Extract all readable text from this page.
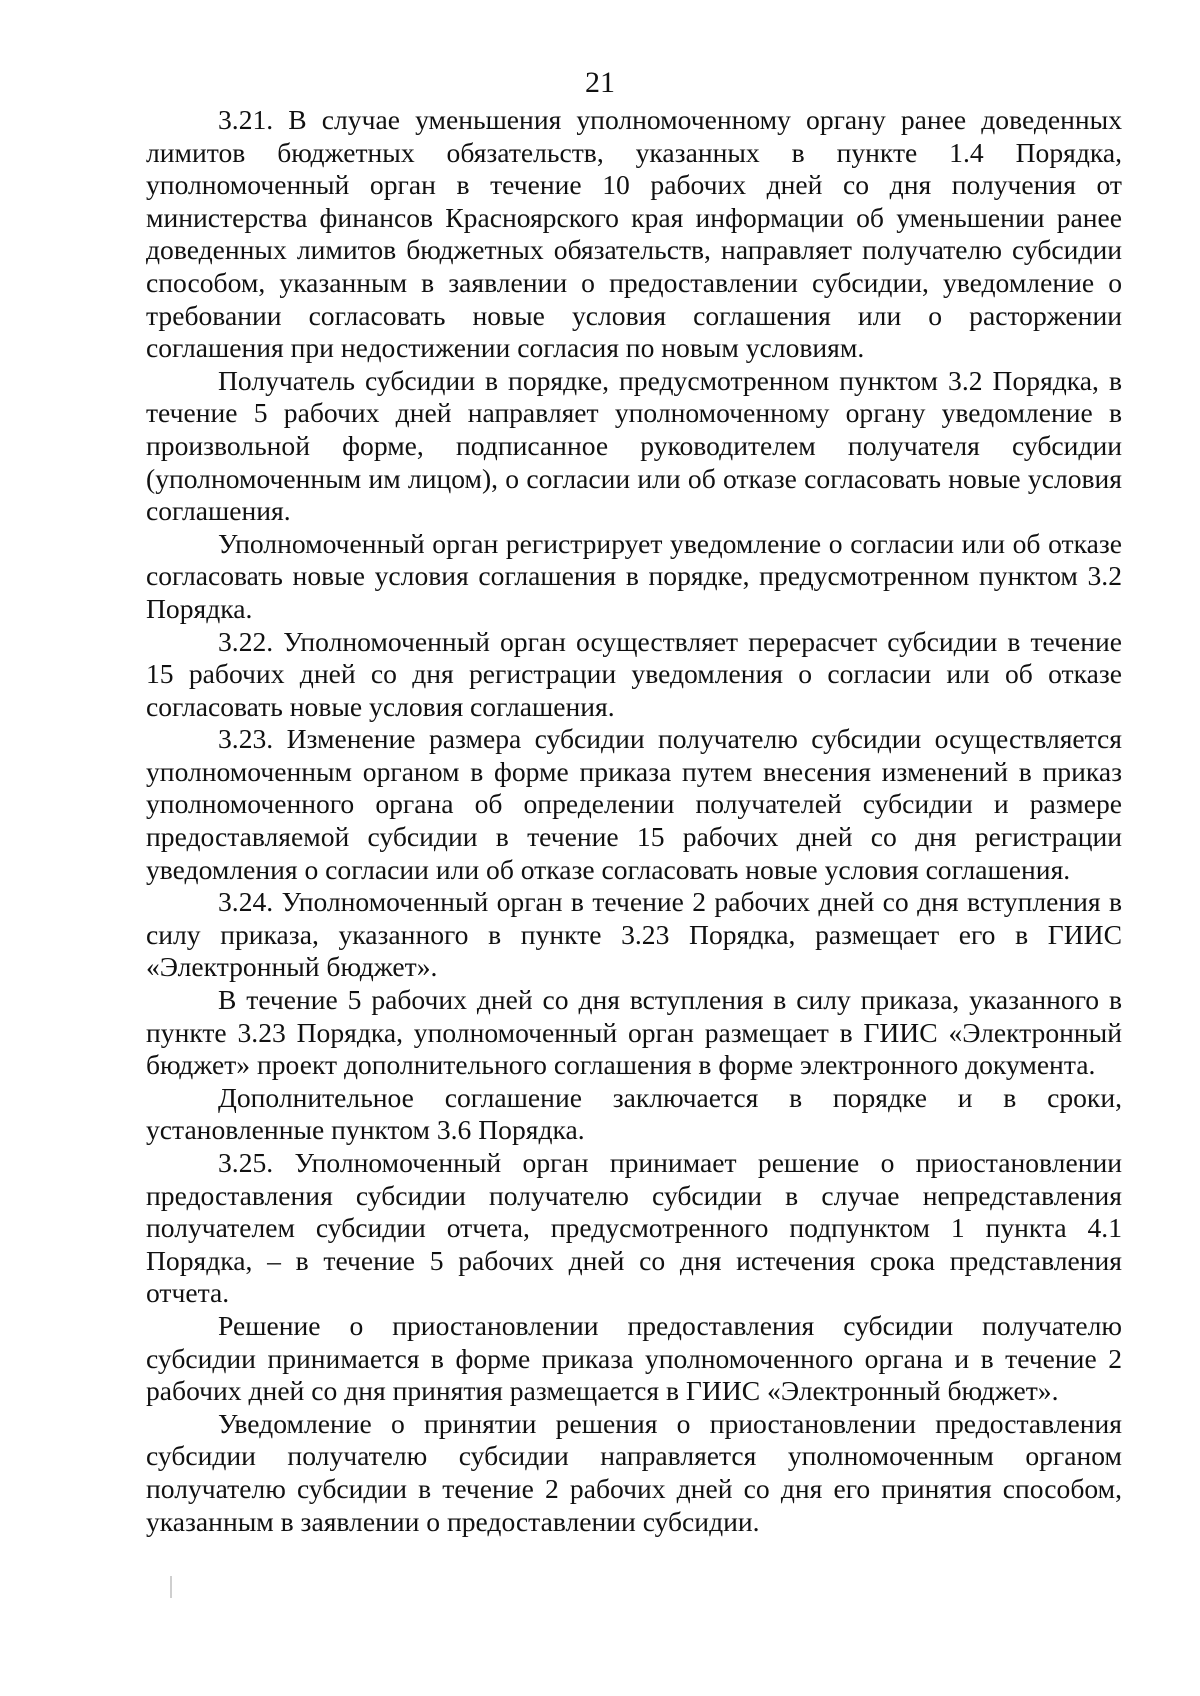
21

3.21. В случае уменьшения уполномоченному органу ранее доведенных лимитов бюджетных обязательств, указанных в пункте 1.4 Порядка, уполномоченный орган в течение 10 рабочих дней со дня получения от министерства финансов Красноярского края информации об уменьшении ранее доведенных лимитов бюджетных обязательств, направляет получателю субсидии способом, указанным в заявлении о предоставлении субсидии, уведомление о требовании согласовать новые условия соглашения или о расторжении соглашения при недостижении согласия по новым условиям.

Получатель субсидии в порядке, предусмотренном пунктом 3.2 Порядка, в течение 5 рабочих дней направляет уполномоченному органу уведомление в произвольной форме, подписанное руководителем получателя субсидии (уполномоченным им лицом), о согласии или об отказе согласовать новые условия соглашения.

Уполномоченный орган регистрирует уведомление о согласии или об отказе согласовать новые условия соглашения в порядке, предусмотренном пунктом 3.2 Порядка.

3.22. Уполномоченный орган осуществляет перерасчет субсидии в течение 15 рабочих дней со дня регистрации уведомления о согласии или об отказе согласовать новые условия соглашения.

3.23. Изменение размера субсидии получателю субсидии осуществляется уполномоченным органом в форме приказа путем внесения изменений в приказ уполномоченного органа об определении получателей субсидии и размере предоставляемой субсидии в течение 15 рабочих дней со дня регистрации уведомления о согласии или об отказе согласовать новые условия соглашения.

3.24. Уполномоченный орган в течение 2 рабочих дней со дня вступления в силу приказа, указанного в пункте 3.23 Порядка, размещает его в ГИИС «Электронный бюджет».

В течение 5 рабочих дней со дня вступления в силу приказа, указанного в пункте 3.23 Порядка, уполномоченный орган размещает в ГИИС «Электронный бюджет» проект дополнительного соглашения в форме электронного документа.

Дополнительное соглашение заключается в порядке и в сроки, установленные пунктом 3.6 Порядка.

3.25. Уполномоченный орган принимает решение о приостановлении предоставления субсидии получателю субсидии в случае непредставления получателем субсидии отчета, предусмотренного подпунктом 1 пункта 4.1 Порядка, – в течение 5 рабочих дней со дня истечения срока представления отчета.

Решение о приостановлении предоставления субсидии получателю субсидии принимается в форме приказа уполномоченного органа и в течение 2 рабочих дней со дня принятия размещается в ГИИС «Электронный бюджет».

Уведомление о принятии решения о приостановлении предоставления субсидии получателю субсидии направляется уполномоченным органом получателю субсидии в течение 2 рабочих дней со дня его принятия способом, указанным в заявлении о предоставлении субсидии.
